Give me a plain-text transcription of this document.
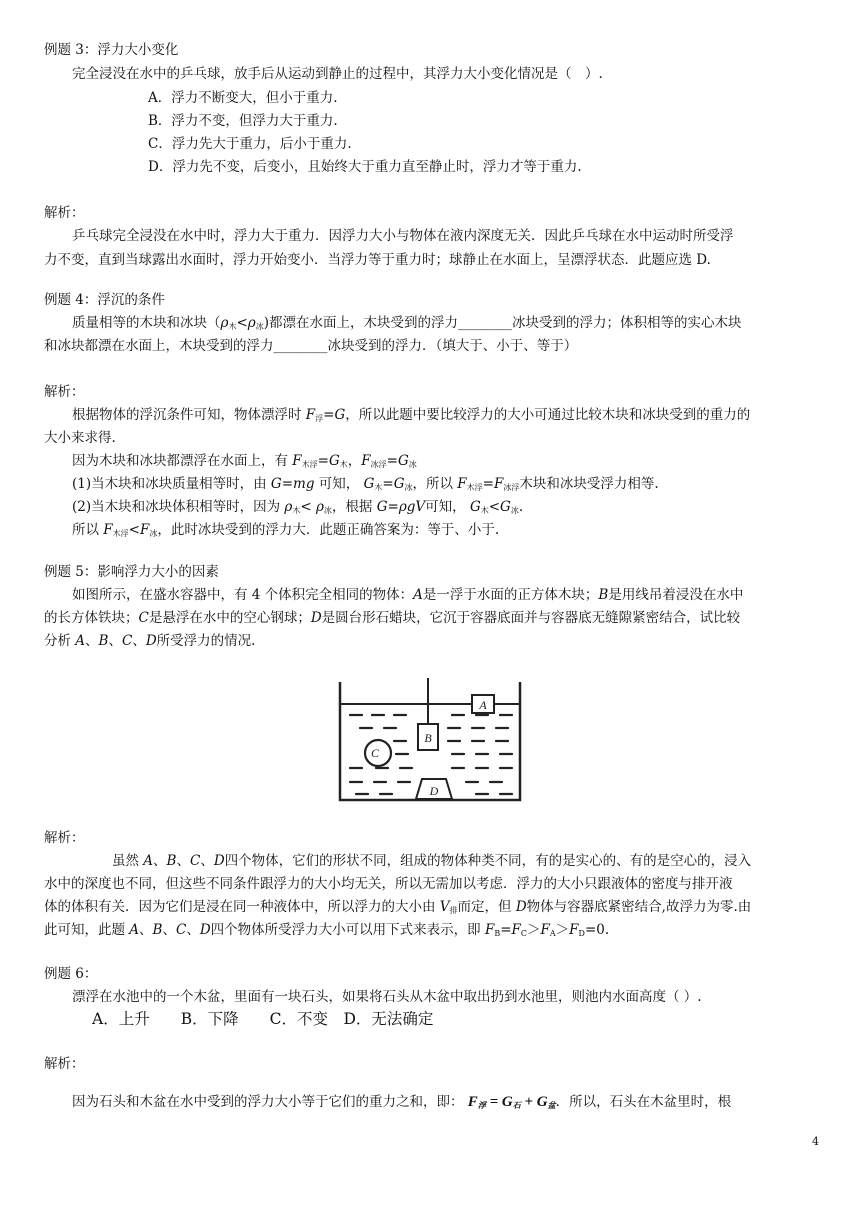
例题 3：浮力大小变化
完全浸没在水中的乒乓球，放手后从运动到静止的过程中，其浮力大小变化情况是（　）.
A．浮力不断变大，但小于重力.
B．浮力不变，但浮力大于重力.
C．浮力先大于重力，后小于重力.
D．浮力先不变，后变小，且始终大于重力直至静止时，浮力才等于重力.
解析：
乒乓球完全浸没在水中时，浮力大于重力．因浮力大小与物体在液内深度无关．因此乒乓球在水中运动时所受浮
力不变，直到当球露出水面时，浮力开始变小．当浮力等于重力时；球静止在水面上，呈漂浮状态．此题应选 D.
例题 4：浮沉的条件
质量相等的木块和冰块$(\rho_木<\rho_冰)$都漂在水面上，木块受到的浮力________冰块受到的浮力；体积相等的实心木块
和冰块都漂在水面上，木块受到的浮力________冰块受到的浮力．（填大于、小于、等于）
解析：
根据物体的浮沉条件可知，物体漂浮时 $F_浮=G$，所以此题中要比较浮力的大小可通过比较木块和冰块受到的重力的
大小来求得.
因为木块和冰块都漂浮在水面上，有 $F_{木浮}=G_木$，$F_{冰浮}=G_冰$
(1)当木块和冰块质量相等时，由 G=mg 可知， $G_木=G_冰$，所以 $F_{木浮}=F_{冰浮}$木块和冰块受浮力相等.
(2)当木块和冰块体积相等时，因为 $\rho_木< \rho_冰$，根据 G=ρgV可知， $G_木<G_冰$.
所以 $F_{木浮}<F_冰$，此时冰块受到的浮力大．此题正确答案为：等于、小于.
例题 5：影响浮力大小的因素
如图所示，在盛水容器中，有 4 个体积完全相同的物体：A是一浮于水面的正方体木块；B是用线吊着浸没在水中
的长方体铁块；C是悬浮在水中的空心钢球；D是圆台形石蜡块，它沉于容器底面并与容器底无缝隙紧密结合，试比较
分析 A、B、C、D所受浮力的情况.
A
B
C
D
解析：
虽然 A、B、C、D四个物体，它们的形状不同，组成的物体种类不同，有的是实心的、有的是空心的，浸入
水中的深度也不同，但这些不同条件跟浮力的大小均无关，所以无需加以考虑．浮力的大小只跟液体的密度与排开液
体的体积有关．因为它们是浸在同一种液体中，所以浮力的大小由 $V_排$而定，但 D物体与容器底紧密结合,故浮力为零.由
此可知，此题 A、B、C、D四个物体所受浮力大小可以用下式来表示，即 $F_B=F_C>F_A>F_D=0$.
例题 6：
漂浮在水池中的一个木盆，里面有一块石头，如果将石头从木盆中取出扔到水池里，则池内水面高度（ ）.
A．上升　　B．下降　　C．不变　D．无法确定
解析：
因为石头和木盆在水中受到的浮力大小等于它们的重力之和，即： $F_浮 = G_石 + G_盆$．所以，石头在木盆里时，根
4
